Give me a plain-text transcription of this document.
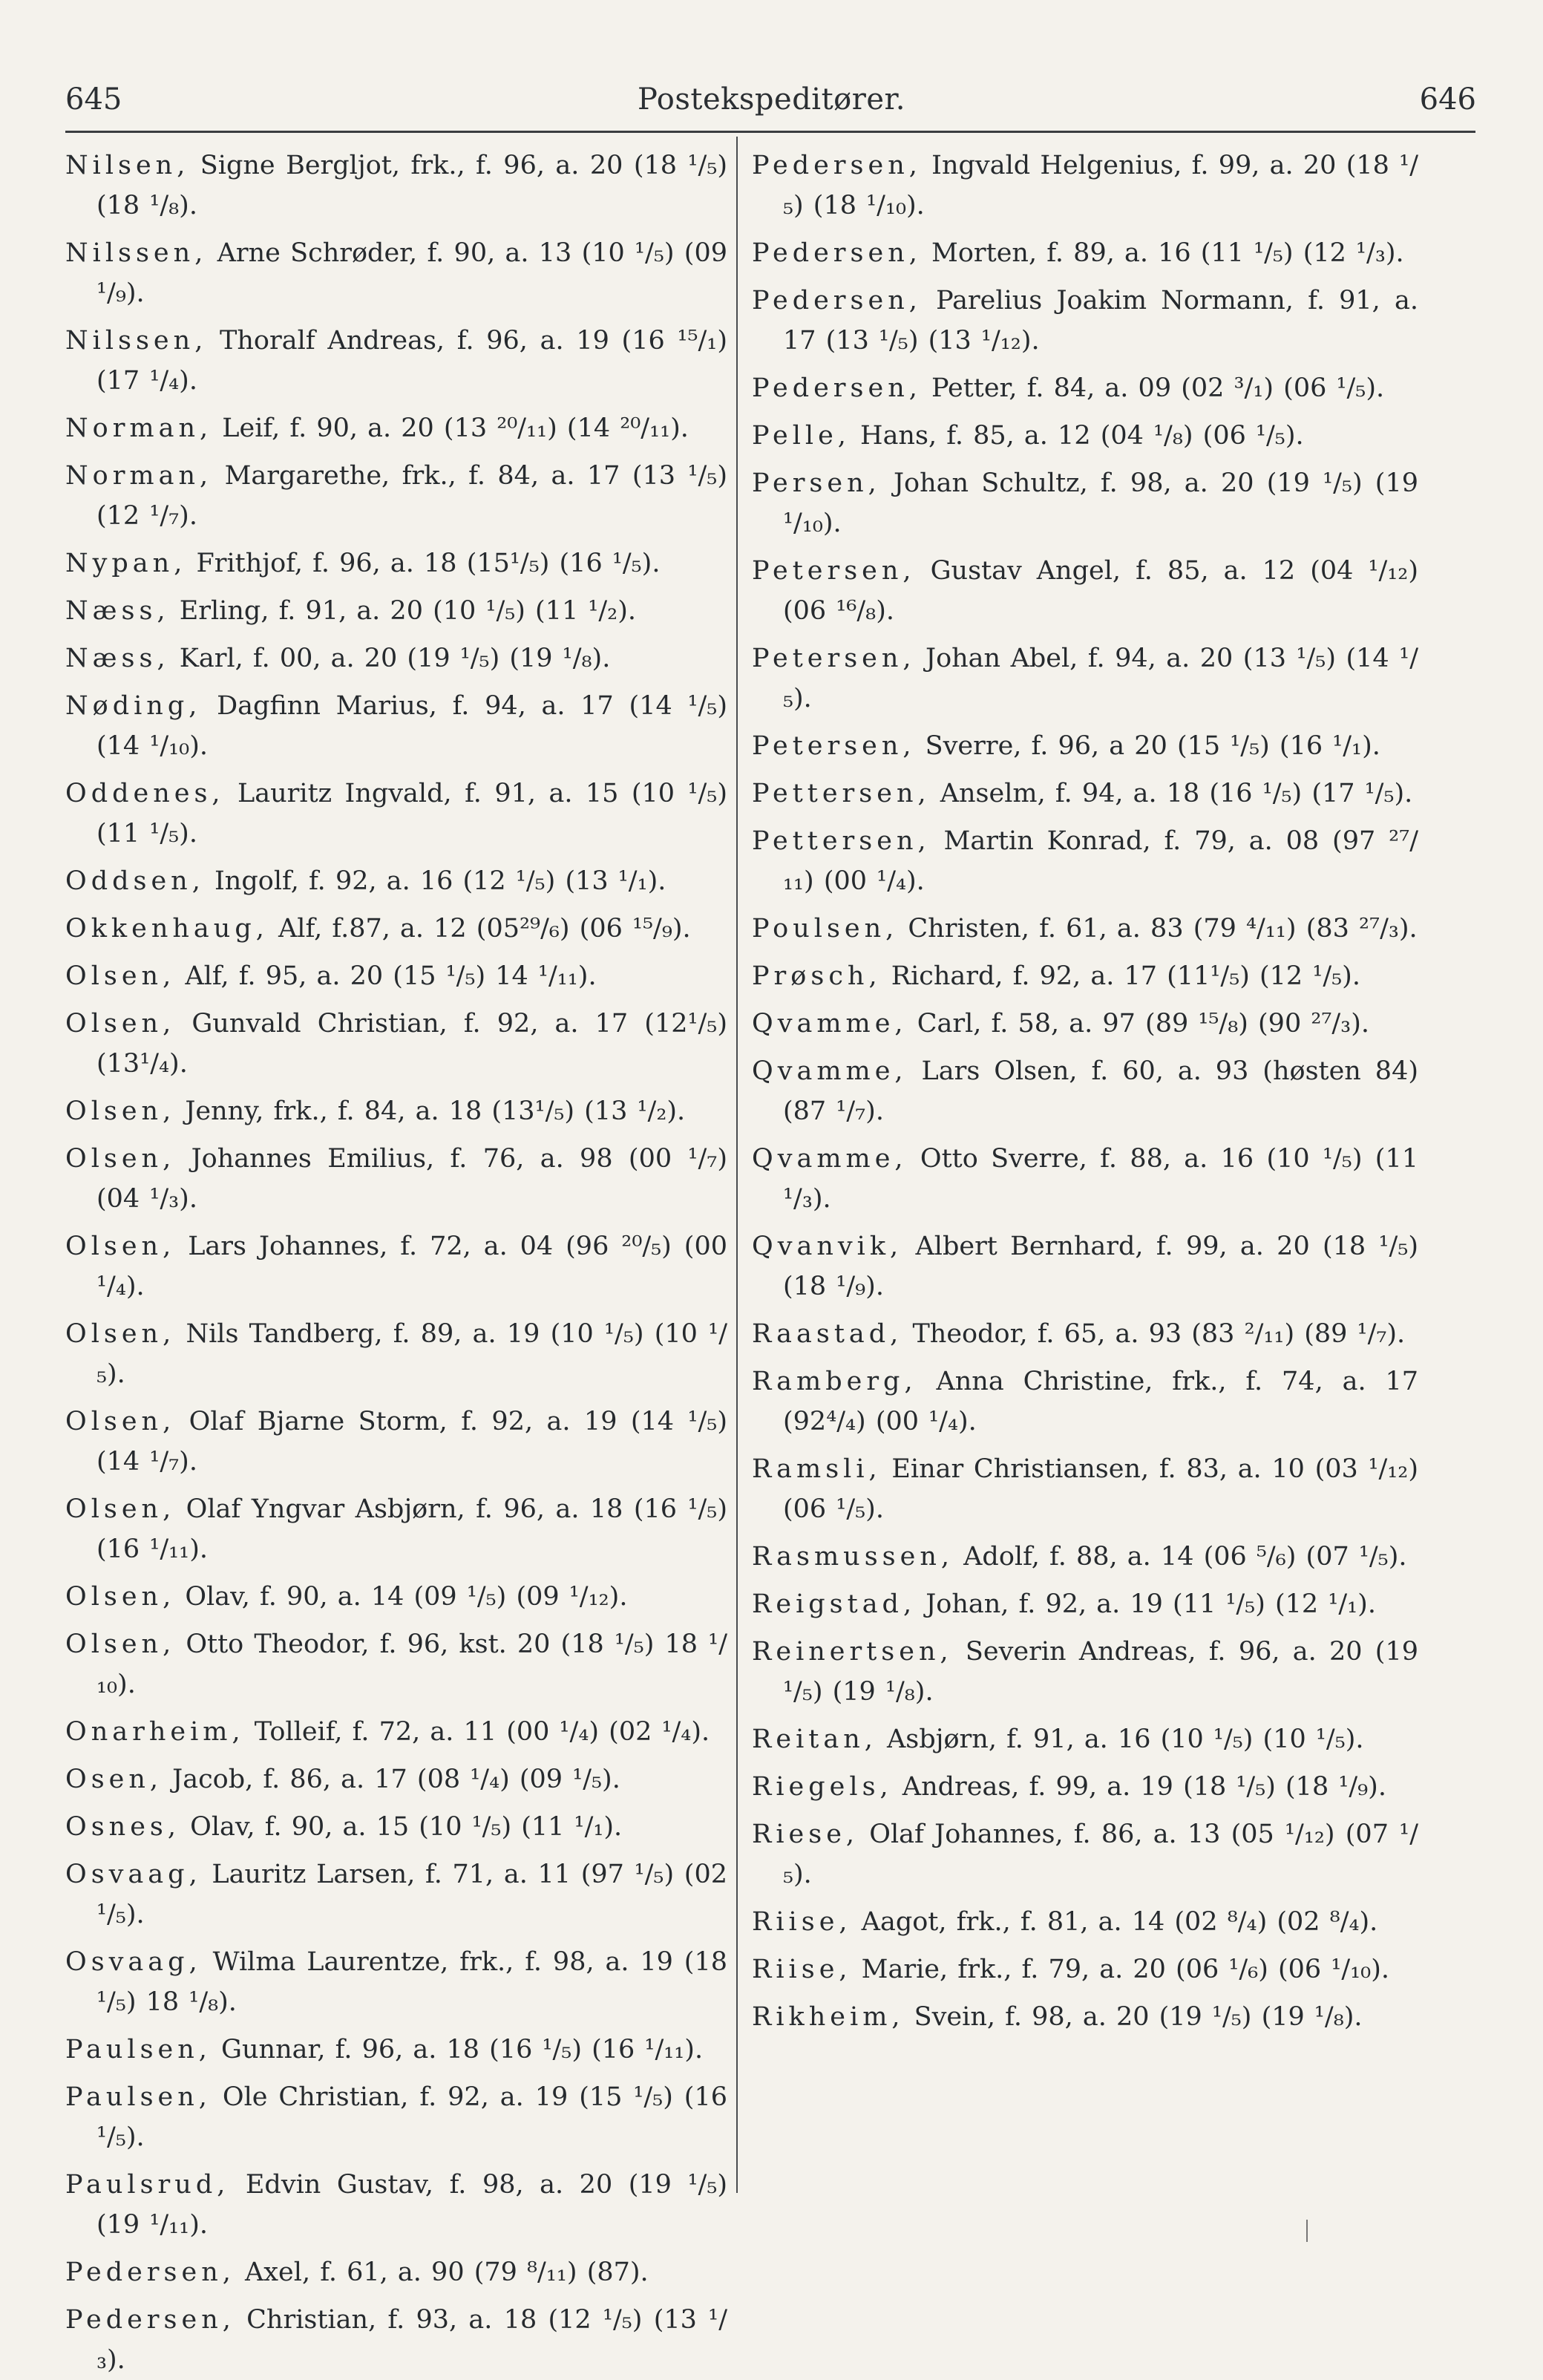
Postekspeditører.
645	646
Nilsen, Signe Bergljot, frk., f. 96, a. 20 (18 ¹/₅) (18 ¹/₈).
Nilssen, Arne Schrøder, f. 90, a. 13 (10 ¹/₅) (09 ¹/₉).
Nilssen, Thoralf Andreas, f. 96, a. 19 (16 ¹⁵/₁) (17 ¹/₄).
Norman, Leif, f. 90, a. 20 (13 ²⁰/₁₁) (14 ²⁰/₁₁).
Norman, Margarethe, frk., f. 84, a. 17 (13 ¹/₅) (12 ¹/₇).
Nypan, Frithjof, f. 96, a. 18 (15¹/₅) (16 ¹/₅).
Næss, Erling, f. 91, a. 20 (10 ¹/₅) (11 ¹/₂).
Næss, Karl, f. 00, a. 20 (19 ¹/₅) (19 ¹/₈).
Nøding, Dagfinn Marius, f. 94, a. 17 (14 ¹/₅) (14 ¹/₁₀).
Oddenes, Lauritz Ingvald, f. 91, a. 15 (10 ¹/₅) (11 ¹/₅).
Oddsen, Ingolf, f. 92, a. 16 (12 ¹/₅) (13 ¹/₁).
Okkenhaug, Alf, f.87, a. 12 (05²⁹/₆) (06 ¹⁵/₉).
Olsen, Alf, f. 95, a. 20 (15 ¹/₅) 14 ¹/₁₁).
Olsen, Gunvald Christian, f. 92, a. 17 (12¹/₅) (13¹/₄).
Olsen, Jenny, frk., f. 84, a. 18 (13¹/₅) (13 ¹/₂).
Olsen, Johannes Emilius, f. 76, a. 98 (00 ¹/₇) (04 ¹/₃).
Olsen, Lars Johannes, f. 72, a. 04 (96 ²⁰/₅) (00 ¹/₄).
Olsen, Nils Tandberg, f. 89, a. 19 (10 ¹/₅) (10 ¹/₅).
Olsen, Olaf Bjarne Storm, f. 92, a. 19 (14 ¹/₅) (14 ¹/₇).
Olsen, Olaf Yngvar Asbjørn, f. 96, a. 18 (16 ¹/₅) (16 ¹/₁₁).
Olsen, Olav, f. 90, a. 14 (09 ¹/₅) (09 ¹/₁₂).
Olsen, Otto Theodor, f. 96, kst. 20 (18 ¹/₅) 18 ¹/₁₀).
Onarheim, Tolleif, f. 72, a. 11 (00 ¹/₄) (02 ¹/₄).
Osen, Jacob, f. 86, a. 17 (08 ¹/₄) (09 ¹/₅).
Osnes, Olav, f. 90, a. 15 (10 ¹/₅) (11 ¹/₁).
Osvaag, Lauritz Larsen, f. 71, a. 11 (97 ¹/₅) (02 ¹/₅).
Osvaag, Wilma Laurentze, frk., f. 98, a. 19 (18 ¹/₅) 18 ¹/₈).
Paulsen, Gunnar, f. 96, a. 18 (16 ¹/₅) (16 ¹/₁₁).
Paulsen, Ole Christian, f. 92, a. 19 (15 ¹/₅) (16 ¹/₅).
Paulsrud, Edvin Gustav, f. 98, a. 20 (19 ¹/₅) (19 ¹/₁₁).
Pedersen, Axel, f. 61, a. 90 (79 ⁸/₁₁) (87).
Pedersen, Christian, f. 93, a. 18 (12 ¹/₅) (13 ¹/₃).
Pedersen, Ingvald Helgenius, f. 99, a. 20 (18 ¹/₅) (18 ¹/₁₀).
Pedersen, Morten, f. 89, a. 16 (11 ¹/₅) (12 ¹/₃).
Pedersen, Parelius Joakim Normann, f. 91, a. 17 (13 ¹/₅) (13 ¹/₁₂).
Pedersen, Petter, f. 84, a. 09 (02 ³/₁) (06 ¹/₅).
Pelle, Hans, f. 85, a. 12 (04 ¹/₈) (06 ¹/₅).
Persen, Johan Schultz, f. 98, a. 20 (19 ¹/₅) (19 ¹/₁₀).
Petersen, Gustav Angel, f. 85, a. 12 (04 ¹/₁₂) (06 ¹⁶/₈).
Petersen, Johan Abel, f. 94, a. 20 (13 ¹/₅) (14 ¹/₅).
Petersen, Sverre, f. 96, a 20 (15 ¹/₅) (16 ¹/₁).
Pettersen, Anselm, f. 94, a. 18 (16 ¹/₅) (17 ¹/₅).
Pettersen, Martin Konrad, f. 79, a. 08 (97 ²⁷/₁₁) (00 ¹/₄).
Poulsen, Christen, f. 61, a. 83 (79 ⁴/₁₁) (83 ²⁷/₃).
Prøsch, Richard, f. 92, a. 17 (11¹/₅) (12 ¹/₅).
Qvamme, Carl, f. 58, a. 97 (89 ¹⁵/₈) (90 ²⁷/₃).
Qvamme, Lars Olsen, f. 60, a. 93 (høsten 84) (87 ¹/₇).
Qvamme, Otto Sverre, f. 88, a. 16 (10 ¹/₅) (11 ¹/₃).
Qvanvik, Albert Bernhard, f. 99, a. 20 (18 ¹/₅) (18 ¹/₉).
Raastad, Theodor, f. 65, a. 93 (83 ²/₁₁) (89 ¹/₇).
Ramberg, Anna Christine, frk., f. 74, a. 17 (92⁴/₄) (00 ¹/₄).
Ramsli, Einar Christiansen, f. 83, a. 10 (03 ¹/₁₂) (06 ¹/₅).
Rasmussen, Adolf, f. 88, a. 14 (06 ⁵/₆) (07 ¹/₅).
Reigstad, Johan, f. 92, a. 19 (11 ¹/₅) (12 ¹/₁).
Reinertsen, Severin Andreas, f. 96, a. 20 (19 ¹/₅) (19 ¹/₈).
Reitan, Asbjørn, f. 91, a. 16 (10 ¹/₅) (10 ¹/₅).
Riegels, Andreas, f. 99, a. 19 (18 ¹/₅) (18 ¹/₉).
Riese, Olaf Johannes, f. 86, a. 13 (05 ¹/₁₂) (07 ¹/₅).
Riise, Aagot, frk., f. 81, a. 14 (02 ⁸/₄) (02 ⁸/₄).
Riise, Marie, frk., f. 79, a. 20 (06 ¹/₆) (06 ¹/₁₀).
Rikheim, Svein, f. 98, a. 20 (19 ¹/₅) (19 ¹/₈).
